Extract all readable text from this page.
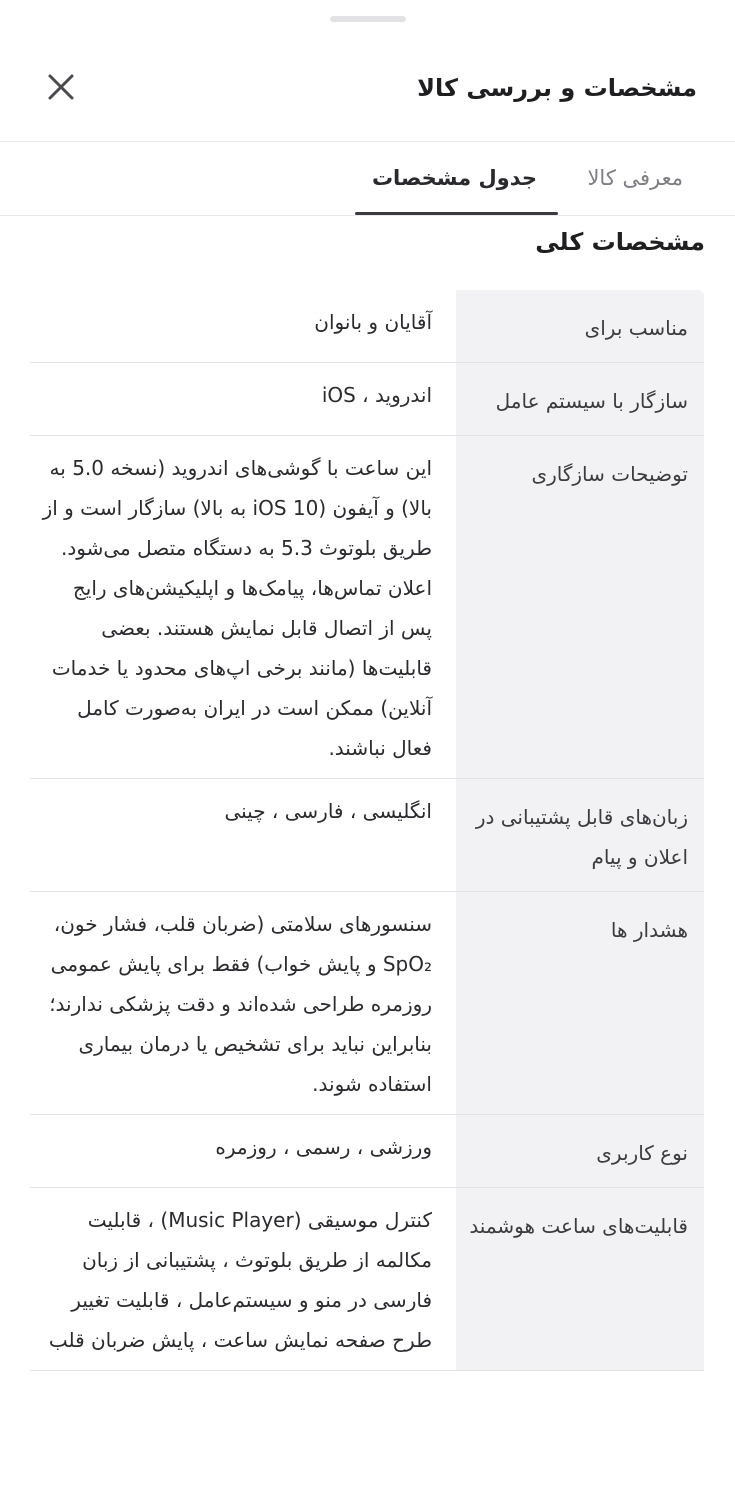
مشخصات و بررسی کالا
معرفی کالا
جدول مشخصات
مشخصات کلی
مناسب برای
آقایان و بانوان
سازگار با سیستم عامل
اندروید ، iOS
توضیحات سازگاری
این ساعت با گوشی‌های اندروید (نسخه 5.0 به بالا) و آیفون (iOS 10 به بالا) سازگار است و از طریق بلوتوث 5.3 به دستگاه متصل می‌شود. اعلان تماس‌ها، پیامک‌ها و اپلیکیشن‌های رایج پس از اتصال قابل نمایش هستند. بعضی قابلیت‌ها (مانند برخی اپ‌های محدود یا خدمات آنلاین) ممکن است در ایران به‌صورت کامل فعال نباشند.
زبان‌های قابل پشتیبانی در اعلان و پیام
انگلیسی ، فارسی ، چینی
هشدار ها
سنسورهای سلامتی (ضربان قلب، فشار خون، SpO₂ و پایش خواب) فقط برای پایش عمومی روزمره طراحی شده‌اند و دقت پزشکی ندارند؛ بنابراین نباید برای تشخیص یا درمان بیماری استفاده شوند.
نوع کاربری
ورزشی ، رسمی ، روزمره
قابلیت‌های ساعت هوشمند
کنترل موسیقی (Music Player) ، قابلیت مکالمه از طریق بلوتوث ، پشتیبانی از زبان فارسی در منو و سیستم‌عامل ، قابلیت تغییر طرح صفحه نمایش ساعت ، پایش ضربان قلب
